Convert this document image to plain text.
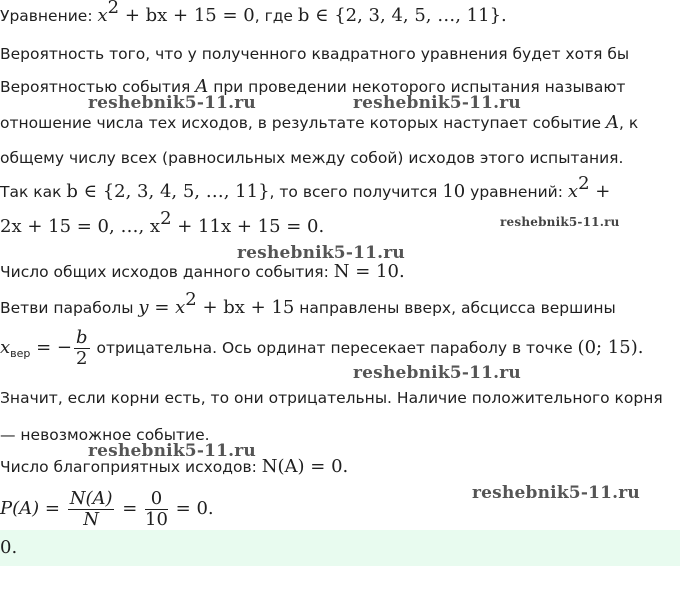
Уравнение: $x^2$ + bx + 15 = 0, где b ∈ {2, 3, 4, 5, …, 11}.
Вероятность того, что у полученного квадратного уравнения будет хотя бы
Вероятностью события A при проведении некоторого испытания называют
отношение числа тех исходов, в результате которых наступает событие A, к
общему числу всех (равносильных между собой) исходов этого испытания.
Так как b ∈ {2, 3, 4, 5, …, 11}, то всего получится 10 уравнений: $x^2$ +
2x + 15 = 0, …, $x^2 + 11x + 15 = 0$.
Число общих исходов данного события: N = 10.
Ветви параболы $y = x^2$ + bx + 15 направлены вверх, абсцисса вершины
$x_{вер}$ = − $\frac{b}{2}$ отрицательна. Ось ординат пересекает параболу в точке (0; 15).
Значит, если корни есть, то они отрицательны. Наличие положительного корня
— невозможное событие.
Число благоприятных исходов: N(A) = 0.
$P(A) = \frac{N(A)}{N} = \frac{0}{10} = 0$.
0.
reshebnik5-11.ru	reshebnik5-11.ru
reshebnik5-11.ru
reshebnik5-11.ru
reshebnik5-11.ru
reshebnik5-11.ru
reshebnik5-11.ru
